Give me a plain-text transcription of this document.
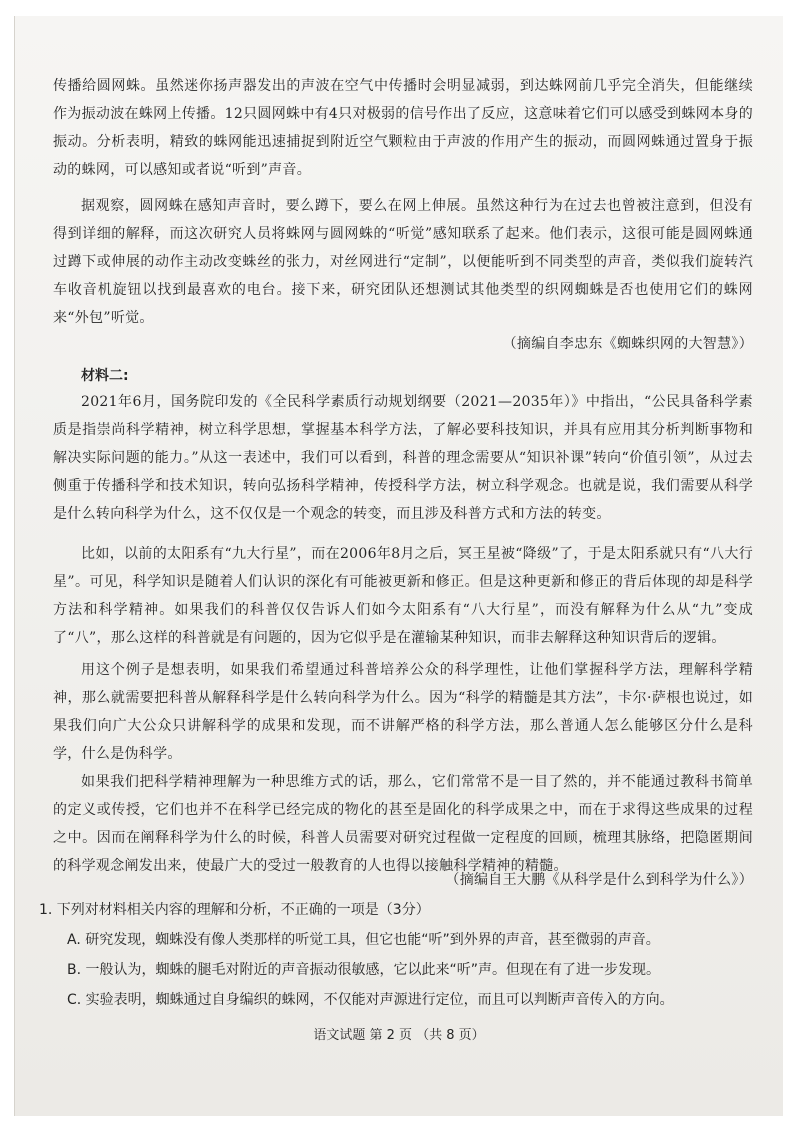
传播给圆网蛛。虽然迷你扬声器发出的声波在空气中传播时会明显减弱，到达蛛网前几乎完全消失，但能继续作为振动波在蛛网上传播。12只圆网蛛中有4只对极弱的信号作出了反应，这意味着它们可以感受到蛛网本身的振动。分析表明，精致的蛛网能迅速捕捉到附近空气颗粒由于声波的作用产生的振动，而圆网蛛通过置身于振动的蛛网，可以感知或者说“听到”声音。

据观察，圆网蛛在感知声音时，要么蹲下，要么在网上伸展。虽然这种行为在过去也曾被注意到，但没有得到详细的解释，而这次研究人员将蛛网与圆网蛛的“听觉”感知联系了起来。他们表示，这很可能是圆网蛛通过蹲下或伸展的动作主动改变蛛丝的张力，对丝网进行“定制”，以便能听到不同类型的声音，类似我们旋转汽车收音机旋钮以找到最喜欢的电台。接下来，研究团队还想测试其他类型的织网蜘蛛是否也使用它们的蛛网来“外包”听觉。

（摘编自李忠东《蜘蛛织网的大智慧》）

材料二:

2021年6月，国务院印发的《全民科学素质行动规划纲要（2021—2035年）》中指出，“公民具备科学素质是指崇尚科学精神，树立科学思想，掌握基本科学方法，了解必要科技知识，并具有应用其分析判断事物和解决实际问题的能力。”从这一表述中，我们可以看到，科普的理念需要从“知识补课”转向“价值引领”，从过去侧重于传播科学和技术知识，转向弘扬科学精神，传授科学方法，树立科学观念。也就是说，我们需要从科学是什么转向科学为什么，这不仅仅是一个观念的转变，而且涉及科普方式和方法的转变。

比如，以前的太阳系有“九大行星”，而在2006年8月之后，冥王星被“降级”了，于是太阳系就只有“八大行星”。可见，科学知识是随着人们认识的深化有可能被更新和修正。但是这种更新和修正的背后体现的却是科学方法和科学精神。如果我们的科普仅仅告诉人们如今太阳系有“八大行星”，而没有解释为什么从“九”变成了“八”，那么这样的科普就是有问题的，因为它似乎是在灌输某种知识，而非去解释这种知识背后的逻辑。

用这个例子是想表明，如果我们希望通过科普培养公众的科学理性，让他们掌握科学方法，理解科学精神，那么就需要把科普从解释科学是什么转向科学为什么。因为“科学的精髓是其方法”，卡尔·萨根也说过，如果我们向广大公众只讲解科学的成果和发现，而不讲解严格的科学方法，那么普通人怎么能够区分什么是科学，什么是伪科学。

如果我们把科学精神理解为一种思维方式的话，那么，它们常常不是一目了然的，并不能通过教科书简单的定义或传授，它们也并不在科学已经完成的物化的甚至是固化的科学成果之中，而在于求得这些成果的过程之中。因而在阐释科学为什么的时候，科普人员需要对研究过程做一定程度的回顾，梳理其脉络，把隐匿期间的科学观念阐发出来，使最广大的受过一般教育的人也得以接触科学精神的精髓。

（摘编自王大鹏《从科学是什么到科学为什么》）

1. 下列对材料相关内容的理解和分析，不正确的一项是（3分）

A. 研究发现，蜘蛛没有像人类那样的听觉工具，但它也能“听”到外界的声音，甚至微弱的声音。

B. 一般认为，蜘蛛的腿毛对附近的声音振动很敏感，它以此来“听”声。但现在有了进一步发现。

C. 实验表明，蜘蛛通过自身编织的蛛网，不仅能对声源进行定位，而且可以判断声音传入的方向。

语文试题 第 2 页 （共 8 页）
